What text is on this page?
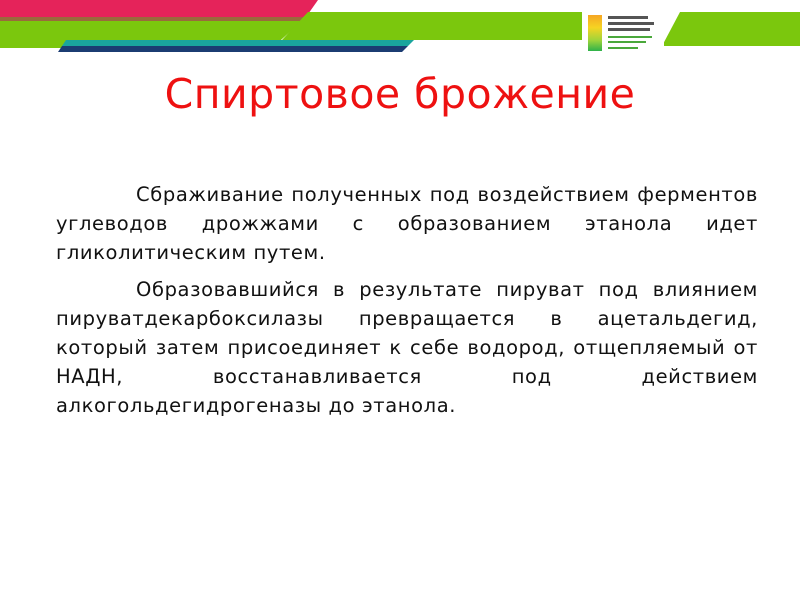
Спиртовое брожение

Сбраживание полученных под воздействием ферментов углеводов дрожжами с образованием этанола идет гликолитическим путем.

Образовавшийся в результате пируват под влиянием пируватдекарбоксилазы превращается в ацетальдегид, который затем присоединяет к себе водород, отщепляемый от НАДН, восстанавливается под действием алкогольдегидрогеназы до этанола.
